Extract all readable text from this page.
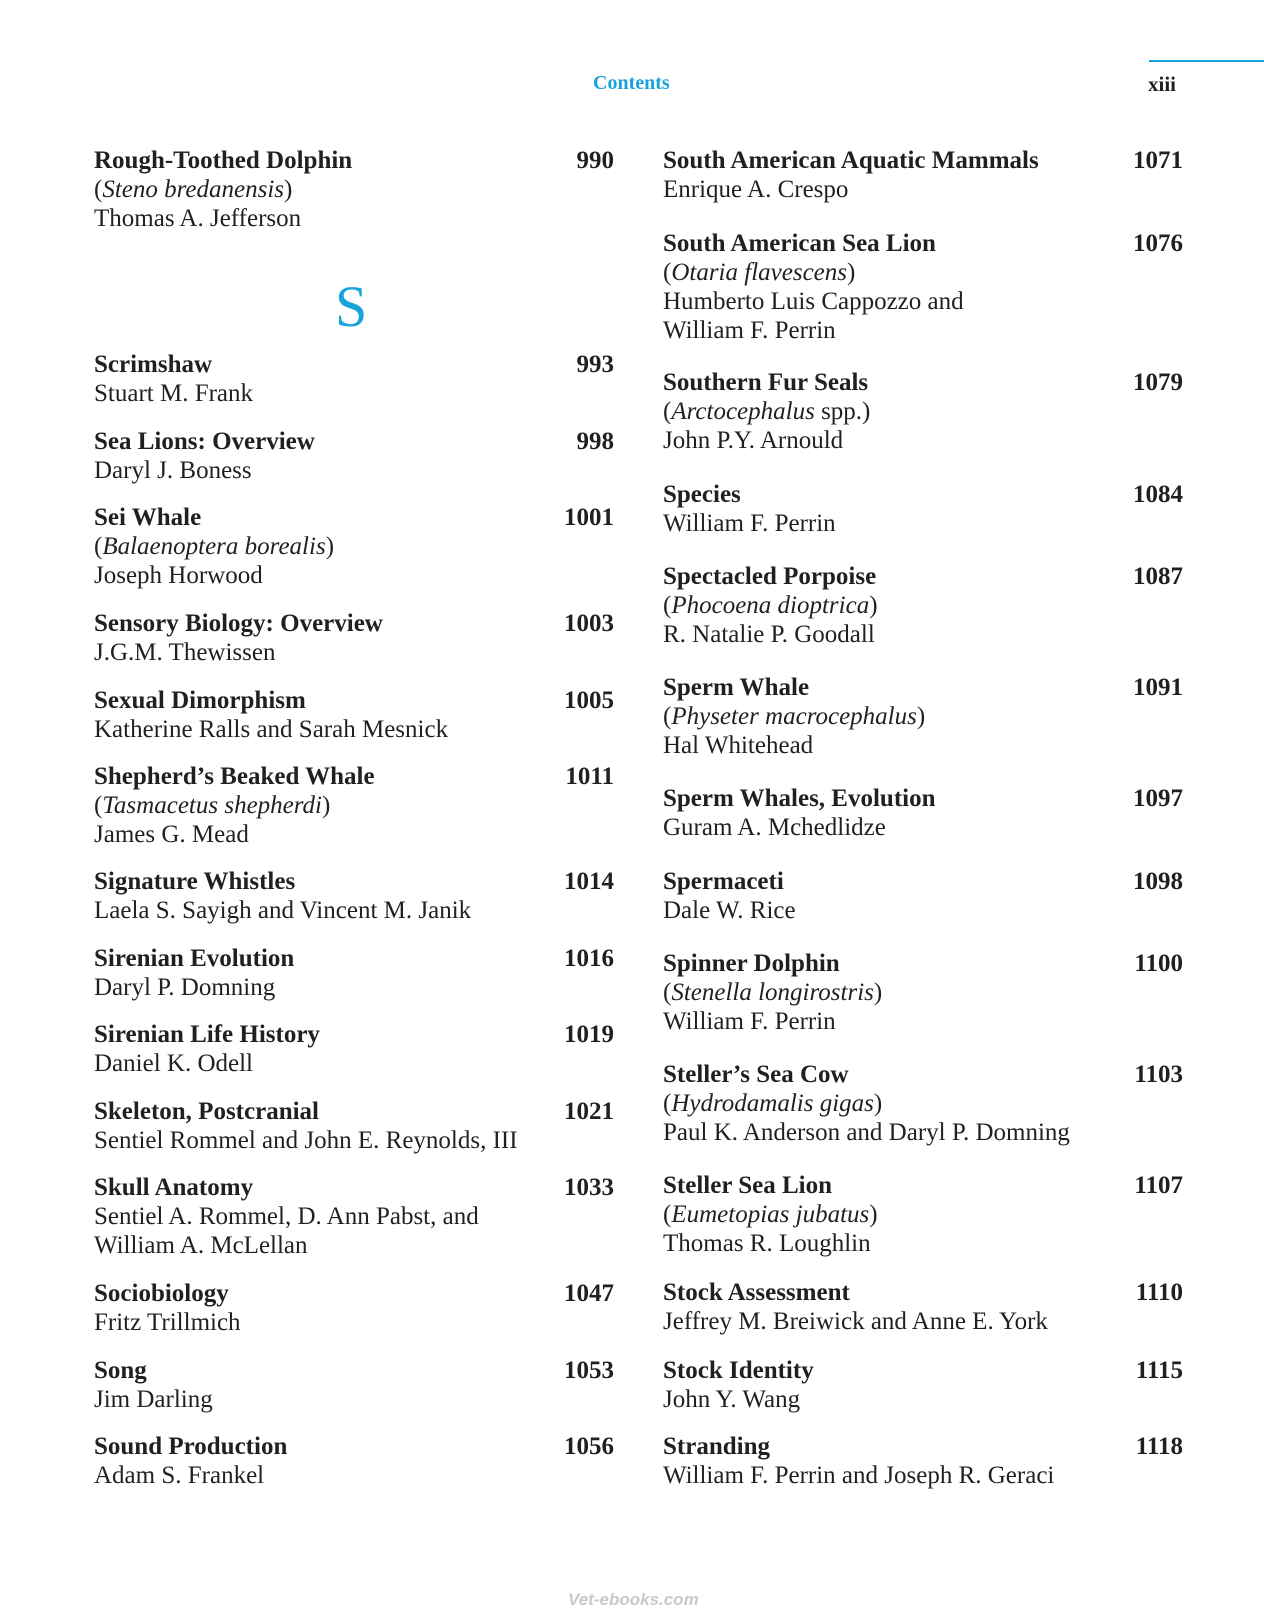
Contents	xiii
Rough-Toothed Dolphin	990
(Steno bredanensis)
Thomas A. Jefferson
Scrimshaw	993
Stuart M. Frank
Sea Lions: Overview	998
Daryl J. Boness
Sei Whale	1001
(Balaenoptera borealis)
Joseph Horwood
Sensory Biology: Overview	1003
J.G.M. Thewissen
Sexual Dimorphism	1005
Katherine Ralls and Sarah Mesnick
Shepherd’s Beaked Whale	1011
(Tasmacetus shepherdi)
James G. Mead
Signature Whistles	1014
Laela S. Sayigh and Vincent M. Janik
Sirenian Evolution	1016
Daryl P. Domning
Sirenian Life History	1019
Daniel K. Odell
Skeleton, Postcranial	1021
Sentiel Rommel and John E. Reynolds, III
Skull Anatomy	1033
Sentiel A. Rommel, D. Ann Pabst, and
William A. McLellan
Sociobiology	1047
Fritz Trillmich
Song	1053
Jim Darling
Sound Production	1056
Adam S. Frankel
S
South American Aquatic Mammals	1071
Enrique A. Crespo
South American Sea Lion	1076
(Otaria flavescens)
Humberto Luis Cappozzo and
William F. Perrin
Southern Fur Seals	1079
(Arctocephalus spp.)
John P.Y. Arnould
Species	1084
William F. Perrin
Spectacled Porpoise	1087
(Phocoena dioptrica)
R. Natalie P. Goodall
Sperm Whale	1091
(Physeter macrocephalus)
Hal Whitehead
Sperm Whales, Evolution	1097
Guram A. Mchedlidze
Spermaceti	1098
Dale W. Rice
Spinner Dolphin	1100
(Stenella longirostris)
William F. Perrin
Steller’s Sea Cow	1103
(Hydrodamalis gigas)
Paul K. Anderson and Daryl P. Domning
Steller Sea Lion	1107
(Eumetopias jubatus)
Thomas R. Loughlin
Stock Assessment	1110
Jeffrey M. Breiwick and Anne E. York
Stock Identity	1115
John Y. Wang
Stranding	1118
William F. Perrin and Joseph R. Geraci
Vet-ebooks.com
